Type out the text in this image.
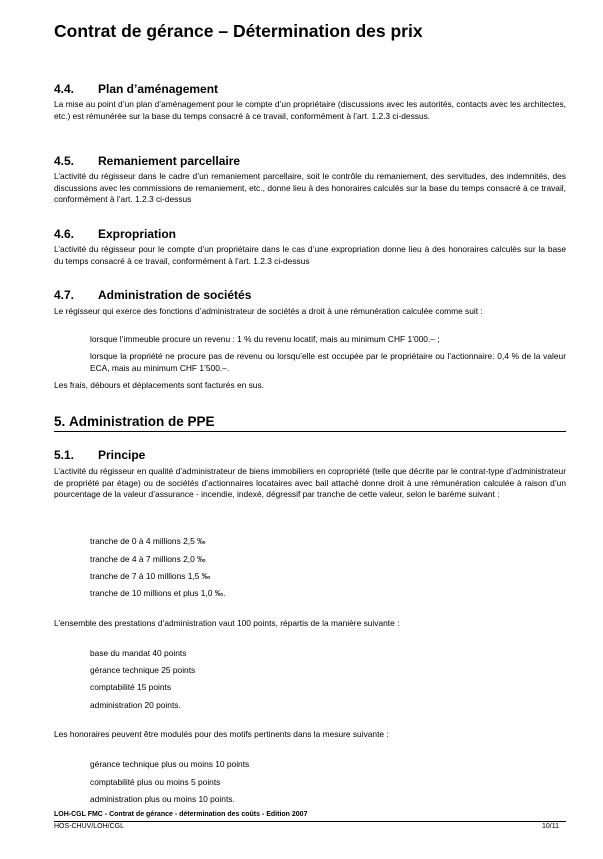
Contrat de gérance – Détermination des prix
4.4. Plan d’aménagement
La mise au point d’un plan d’aménagement pour le compte d’un propriétaire (discussions avec les autorités, contacts avec les architectes, etc.) est rémunérée sur la base du temps consacré à ce travail, conformément à l’art. 1.2.3 ci-dessus.
4.5. Remaniement parcellaire
L’activité du régisseur dans le cadre d’un remaniement parcellaire, soit le contrôle du remaniement, des servitudes, des indemnités, des discussions avec les commissions de remaniement, etc., donne lieu à des honoraires calculés sur la base du temps consacré à ce travail, conformément à l’art. 1.2.3 ci-dessus
4.6. Expropriation
L’activité du régisseur pour le compte d’un propriétaire dans le cas d’une expropriation donne lieu à des honoraires calculés sur la base du temps consacré à ce travail, conformément à l’art. 1.2.3 ci-dessus
4.7. Administration de sociétés
Le régisseur qui exerce des fonctions d’administrateur de sociétés a droit à une rémunération calculée comme suit :
lorsque l’immeuble procure un revenu : 1 % du revenu locatif, mais au minimum CHF 1’000.– ;
lorsque la propriété ne procure pas de revenu ou lorsqu’elle est occupée par le propriétaire ou l’actionnaire: 0,4 % de la valeur ECA, mais au minimum CHF 1’500.–.
Les frais, débours et déplacements sont facturés en sus.
5. Administration de PPE
5.1. Principe
L’activité du régisseur en qualité d’administrateur de biens immobiliers en copropriété (telle que décrite par le contrat-type d’administrateur de propriété par étage) ou de sociétés d’actionnaires locataires avec bail attaché donne droit à une rémunération calculée à raison d’un pourcentage de la valeur d’assurance - incendie, indexé, dégressif par tranche de cette valeur, selon le barème suivant :
tranche de 0 à 4 millions 2,5 ‰
tranche de 4 à 7 millions 2,0 ‰
tranche de 7 à 10 millions 1,5 ‰
tranche de 10 millions et plus 1,0 ‰.
L’ensemble des prestations d’administration vaut 100 points, répartis de la manière suivante :
base du mandat 40 points
gérance technique 25 points
comptabilité 15 points
administration 20 points.
Les honoraires peuvent être modulés pour des motifs pertinents dans la mesure suivante :
gérance technique plus ou moins 10 points
comptabilité plus ou moins 5 points
administration plus ou moins 10 points.
LOH-CGL FMC - Contrat de gérance - détermination des coûts - Edition 2007
HOS-CHUV/LOH/CGL	10/11
